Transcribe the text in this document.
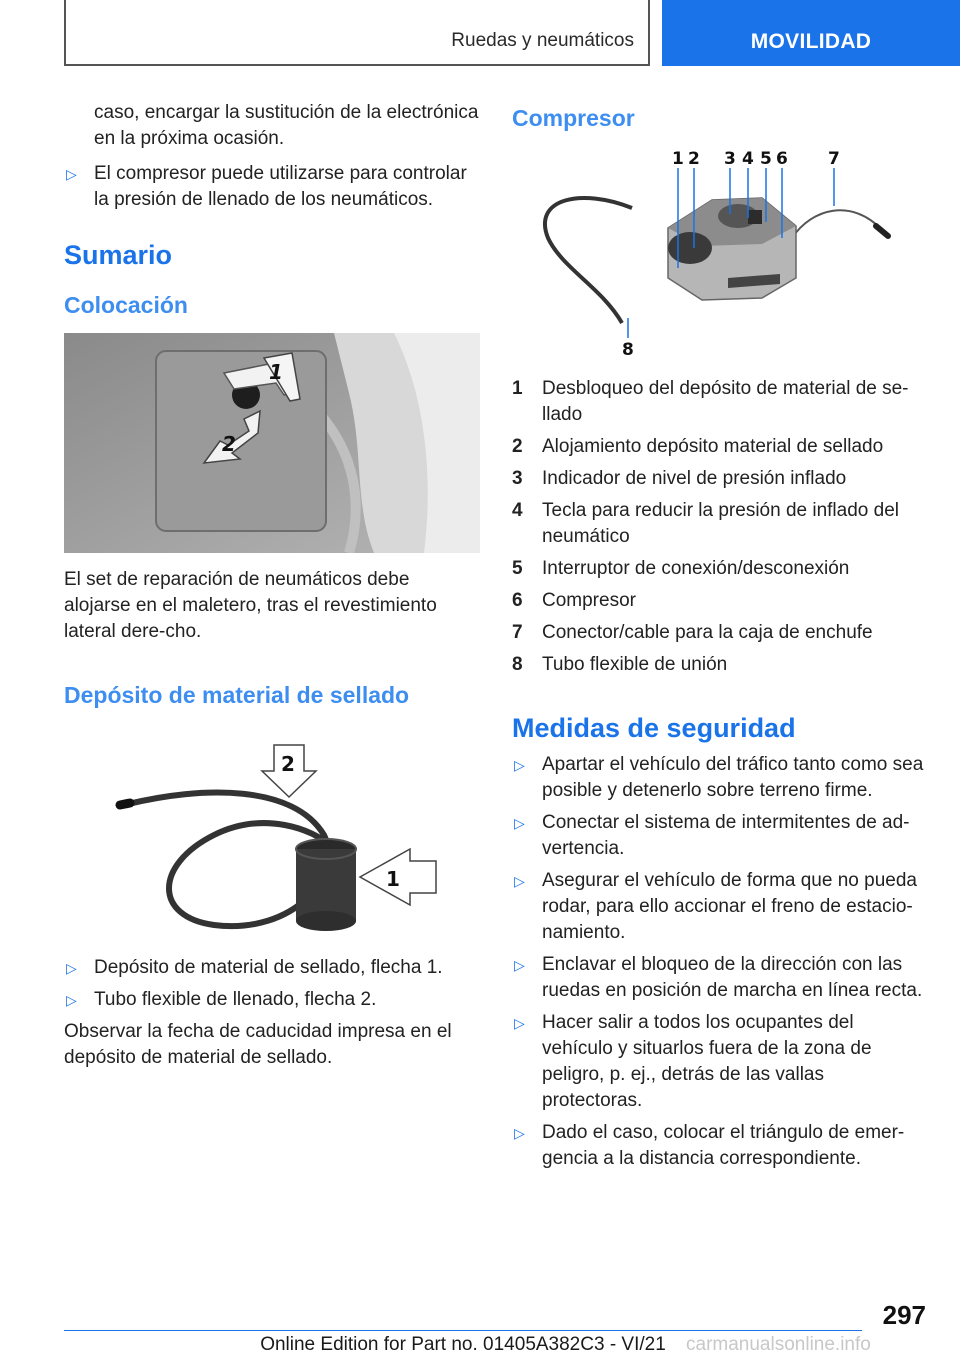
Ruedas y neumáticos	MOVILIDAD

caso, encargar la sustitución de la electrónica en la próxima ocasión.

▷ El compresor puede utilizarse para controlar la presión de llenado de los neumáticos.
Sumario
Colocación
1
2

El set de reparación de neumáticos debe alojarse en el maletero, tras el revestimiento lateral dere‐cho.

Depósito de material de sellado
2
1
▷ Depósito de material de sellado, flecha 1.
▷ Tubo flexible de llenado, flecha 2.

Observar la fecha de caducidad impresa en el depósito de material de sellado.

Compresor
1 2 3 4 5 6 7
8
1 Desbloqueo del depósito de material de se‐llado
2 Alojamiento depósito material de sellado
3 Indicador de nivel de presión inflado
4 Tecla para reducir la presión de inflado del neumático
5 Interruptor de conexión/desconexión
6 Compresor
7 Conector/cable para la caja de enchufe
8 Tubo flexible de unión
Medidas de seguridad
▷ Apartar el vehículo del tráfico tanto como sea posible y detenerlo sobre terreno firme.
▷ Conectar el sistema de intermitentes de ad‐vertencia.
▷ Asegurar el vehículo de forma que no pueda rodar, para ello accionar el freno de estacio‐namiento.
▷ Enclavar el bloqueo de la dirección con las ruedas en posición de marcha en línea recta.
▷ Hacer salir a todos los ocupantes del vehículo y situarlos fuera de la zona de peligro, p. ej., detrás de las vallas protectoras.
▷ Dado el caso, colocar el triángulo de emer‐gencia a la distancia correspondiente.
297
Online Edition for Part no. 01405A382C3 - VI/21	carmanualsonline.info
